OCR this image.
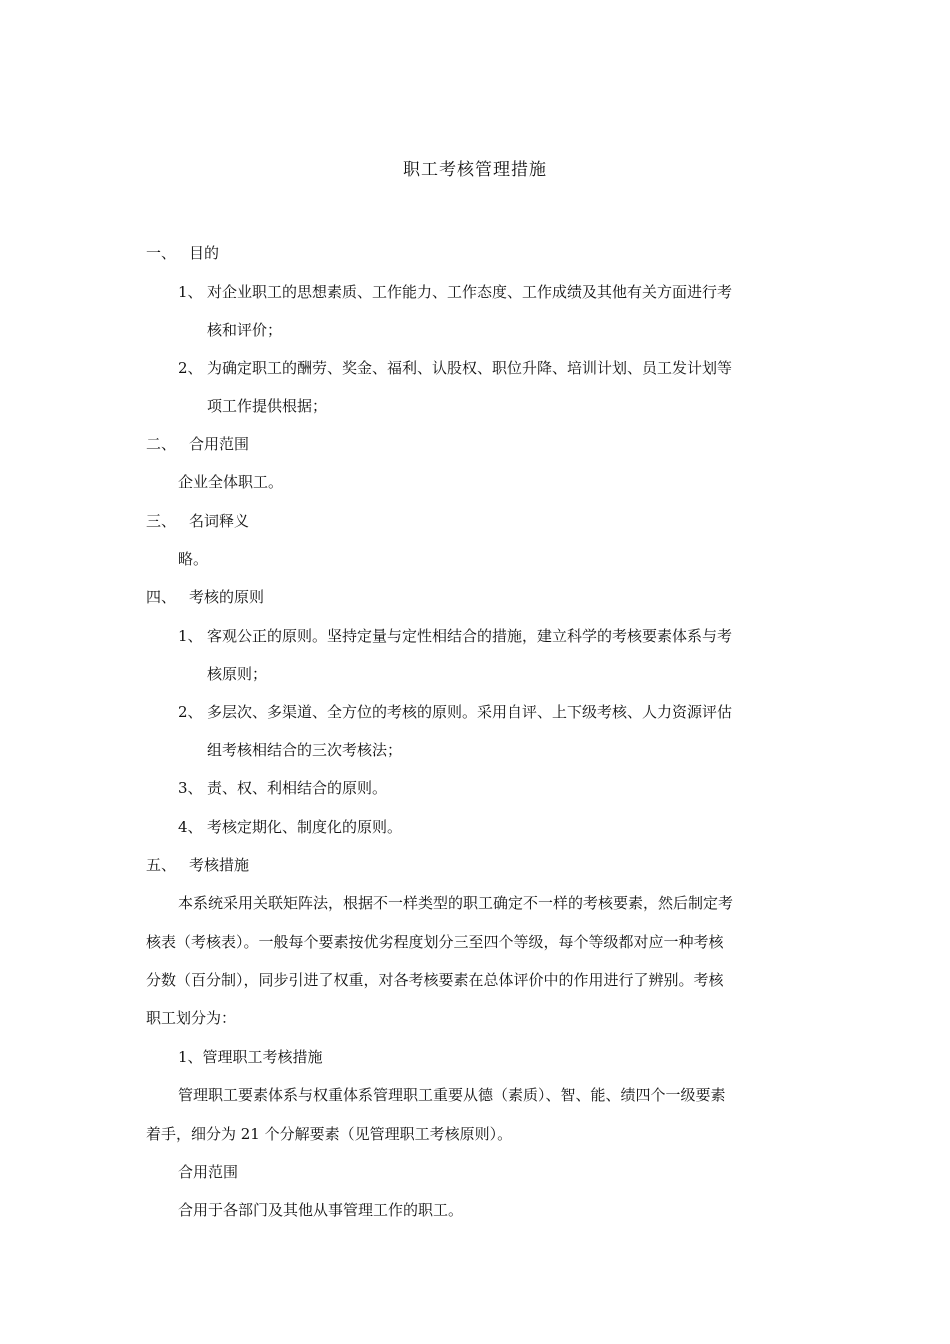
职工考核管理措施
一、 目的
1、 对企业职工的思想素质、工作能力、工作态度、工作成绩及其他有关方面进行考
核和评价；
2、 为确定职工的酬劳、奖金、福利、认股权、职位升降、培训计划、员工发计划等
项工作提供根据；
二、 合用范围
企业全体职工。
三、 名词释义
略。
四、 考核的原则
1、 客观公正的原则。坚持定量与定性相结合的措施，建立科学的考核要素体系与考
核原则；
2、 多层次、多渠道、全方位的考核的原则。采用自评、上下级考核、人力资源评估
组考核相结合的三次考核法；
3、 责、权、利相结合的原则。
4、 考核定期化、制度化的原则。
五、 考核措施
本系统采用关联矩阵法，根据不一样类型的职工确定不一样的考核要素，然后制定考
核表（考核表）。一般每个要素按优劣程度划分三至四个等级，每个等级都对应一种考核
分数（百分制），同步引进了权重，对各考核要素在总体评价中的作用进行了辨别。考核
职工划分为：
1、管理职工考核措施
管理职工要素体系与权重体系管理职工重要从德（素质）、智、能、绩四个一级要素
着手，细分为 21 个分解要素（见管理职工考核原则）。
合用范围
合用于各部门及其他从事管理工作的职工。
